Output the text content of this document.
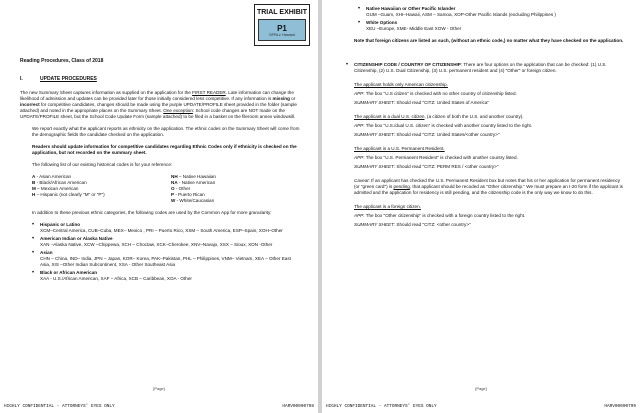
TRIAL EXHIBIT
P1
SFFA v. Harvard
Reading Procedures, Class of 2018
I.	UPDATE PROCEDURES

The new Summary Sheet captures information as supplied on the application for the FIRST READER. Late information can change the likelihood of admission and updates can be provided later for those initially considered less competitive. If any information is missing or incorrect for competitive candidates, changes should be made using the purple UPDATE/PROFILE sheet provided in the folder (sample attached) and noted in the appropriate places on the Summary Sheet. One exception: School code changes are NOT made on the UPDATE/PROFILE sheet, but the School Code Update Form (sample attached) to be filed in a basket on the fileroom annex windowsill.

We report exactly what the applicant reports as ethnicity on the application. The ethnic codes on the Summary Sheet will come from the demographic fields the candidate checked on the application.

Readers should update information for competitive candidates regarding Ethnic Codes only if ethnicity is checked on the application, but not recorded on the summary sheet.

The following list of our existing historical codes is for your reference:

A - Asian American	NH – Native Hawaiian
B - Black/African American	NA - Native American
M – Mexican American	O - Other
H – Hispanic (not clearly "M" or "P")	P - Puerto Rican
W - White/Caucasian

In addition to these previous ethnic categories, the following codes are used by the Common App for more granularity:

• Hispanic or Latino
XCM–Central America, CUB–Cuba, MEX– Mexico , PRI – Puerto Rico, XSM – South America, ESP–Spain, XOH–Other
• American Indian or Alaska Native
XAN –Alaska Native, XCW –Chippewa, XCH – Choctaw, XCK–Cherokee, XNV–Navajo, XSX – Sioux, XON -Other
• Asian
CHN – China, IND– India, JPN – Japan, KOR– Korea, PAK–Pakistan, PHL – Philippines, VNM– Vietnam, XEA – Other East Asia, XIS –Other Indian Subcontinent, XSA - Other Southeast Asia
• Black or African American
XAA - U.S./African American, XAF – Africa, XCB – Caribbean, XOA - Other
[Page]
HIGHLY CONFIDENTIAL - ATTORNEYS' EYES ONLY	HARV00000798
• Native Hawaiian or Other Pacific Islander
GUM –Guam, XHI–Hawaii, ASM – Samoa, XOP-Other Pacific Islands (excluding Philippines )
• White Options
XEU –Europe, XME- Middle East XOW - Other

Note that foreign citizens are listed as such, (without an ethnic code,) no matter what they have checked on the application.

• CITIZENSHIP CODE / COUNTRY OF CITIZENSHIP: There are four options on the application that can be checked: (1) U.S. Citizenship, (2) U.S. Dual Citizenship, (3) U.S. permanent resident and (4) "Other" or foreign citizen.
The applicant holds only American citizenship.

APP: The box "U.S citizen" is checked with no other country of citizenship listed.

SUMMARY SHEET: Should read "CITZ: United States of America"

The applicant is a dual U.S. citizen, (a citizen of both the U.S. and another country).

APP: The box "U.S./dual U.S. citizen" is checked with another country listed to the right.

SUMMARY SHEET: Should read "CITZ: United States/<other country>"

The applicant is a U.S. Permanent Resident.

APP: The box "U.S. Permanent Resident" is checked with another country listed.

SUMMARY SHEET: Should read "CITZ: PERM RES / <other country>"

Caveat: If an applicant has checked the U.S. Permanent Resident box but notes that his or her application for permanent residency (or "green card") is pending, that applicant should be recoded as "Other citizenship." We must prepare an I-20 form if the applicant is admitted and the application for residency is still pending, and the citizenship code is the only way we know to do this.

The applicant is a foreign citizen.

APP: The box "Other citizenship" is checked with a foreign country listed to the right.

SUMMARY SHEET: Should read "CITZ: <other country>"

[Page]
HIGHLY CONFIDENTIAL - ATTORNEYS' EYES ONLY	HARV00000799
